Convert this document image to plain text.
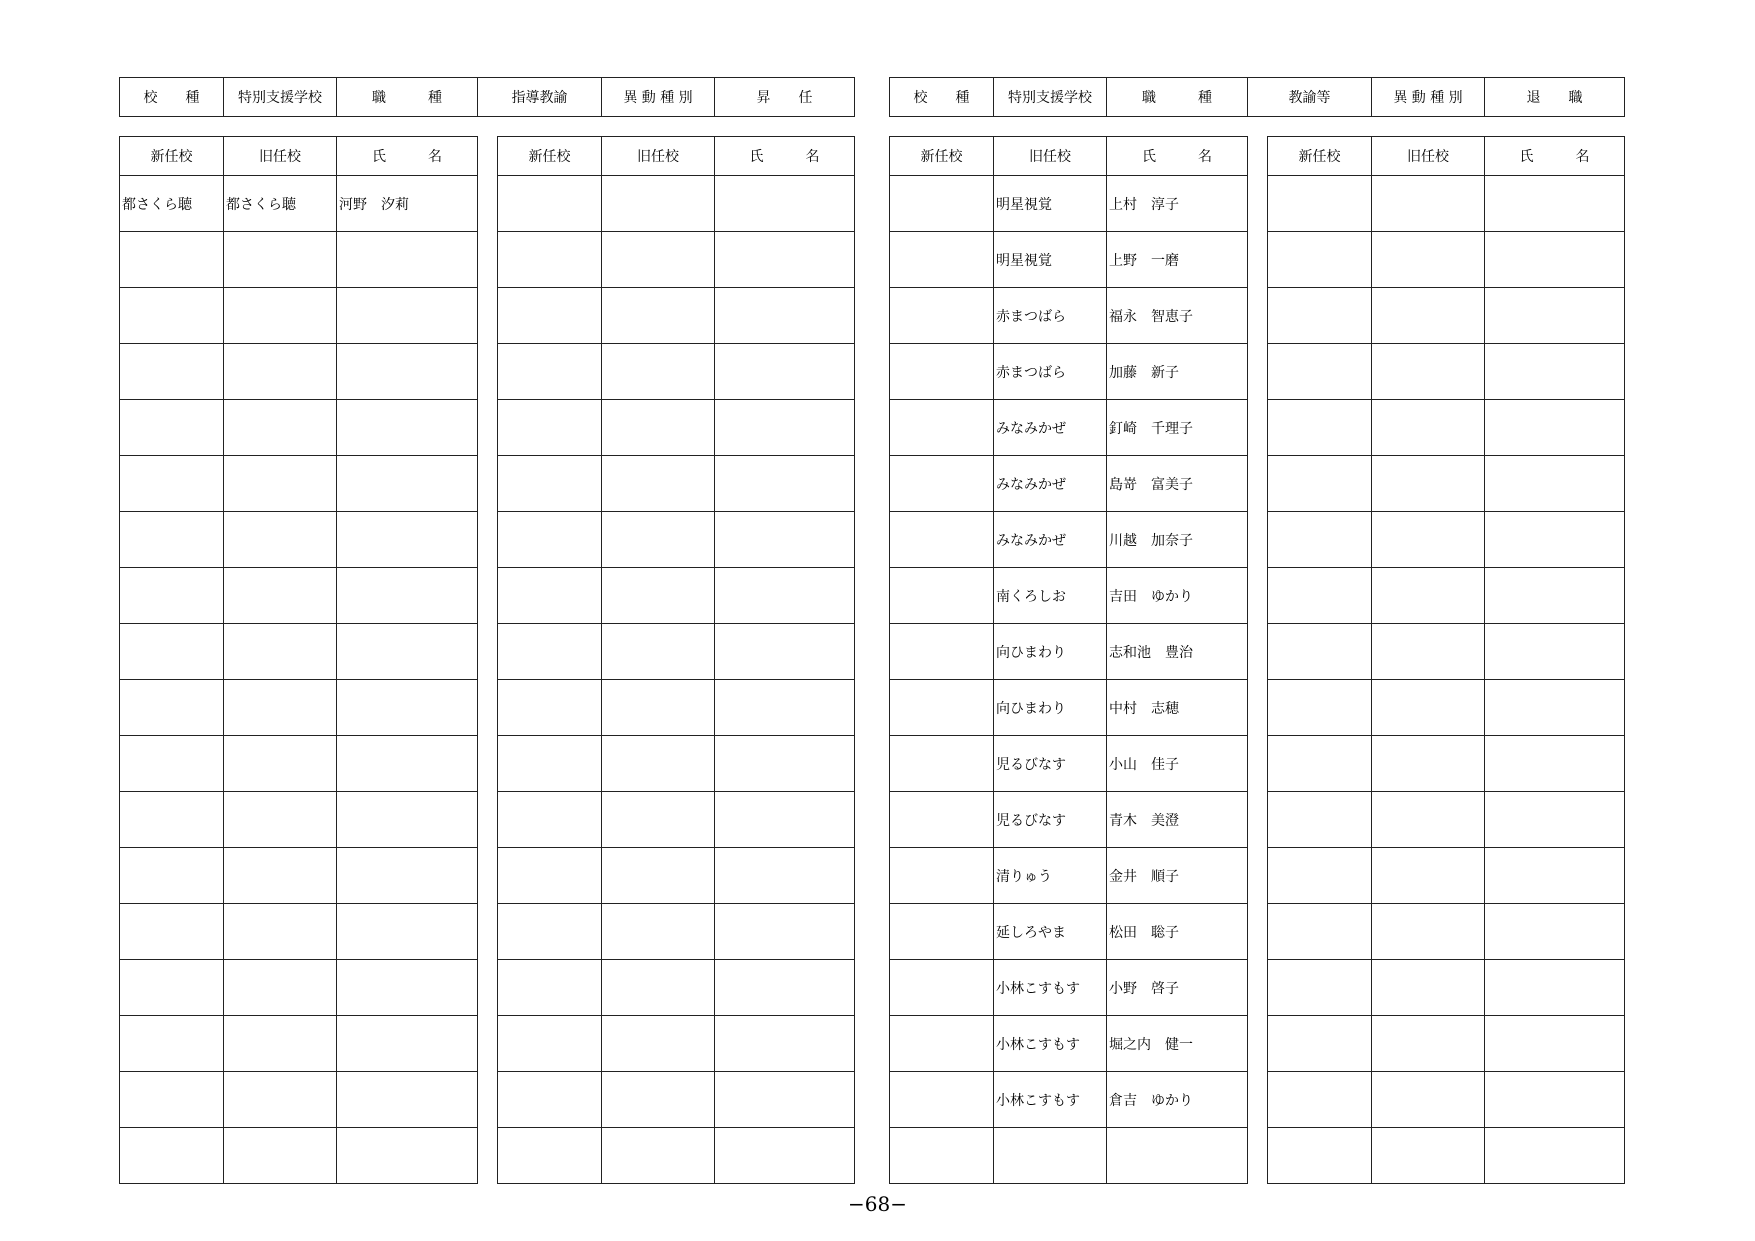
校　　種	特別支援学校	職　　　種	指導教諭	異 動 種 別	昇　　任
新任校	旧任校	氏　　　名
都さくら聴	都さくら聴	河野　汐莉

新任校	旧任校	氏　　　名

校　　種	特別支援学校	職　　　種	教諭等	異 動 種 別	退　　職
新任校	旧任校	氏　　　名
	明星視覚	上村　淳子
	明星視覚	上野　一磨
	赤まつばら	福永　智恵子
	赤まつばら	加藤　新子
	みなみかぜ	釘崎　千理子
	みなみかぜ	島嵜　富美子
	みなみかぜ	川越　加奈子
	南くろしお	吉田　ゆかり
	向ひまわり	志和池　豊治
	向ひまわり	中村　志穂
	児るびなす	小山　佳子
	児るびなす	青木　美澄
	清りゅう	金井　順子
	延しろやま	松田　聡子
	小林こすもす	小野　啓子
	小林こすもす	堀之内　健一
	小林こすもす	倉吉　ゆかり

新任校	旧任校	氏　　　名

−68−
